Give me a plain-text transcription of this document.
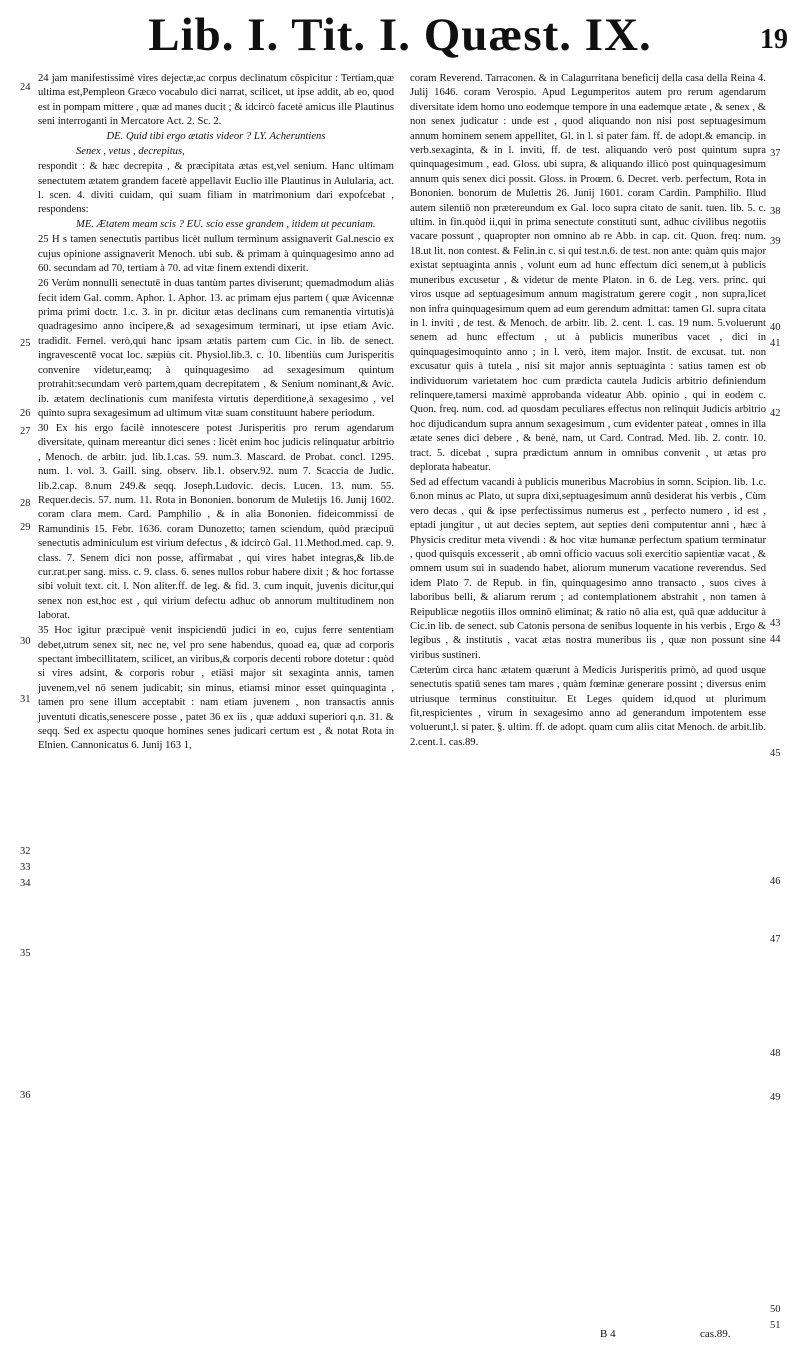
Lib. I. Tit. I. Quæst. IX.	19
24
25
26
27
28
29
30
31
32
33
34
35
36
37
38
39
40
41
42
43
44
45
46
47
48
49
50
51

24 jam manifestissimè vires dejectæ,ac corpus declinatum cōspicitur : Tertiam,quæ ultima est,Pempleon Græco vocabulo dici narrat, scilicet, ut ipse addit, ab eo, quod est in pompam mittere , quæ ad manes ducit ; & idcircò facetè amicus ille Plautinus seni interroganti in Mercatore Act. 2. Sc. 2.

DE. Quid tibi ergo ætatis videor ? LY. Acheruntiens

Senex , vetus , decrepitus,

respondit : & hæc decrepita , & præcipitata ætas est,vel senium. Hanc ultimam senectutem ætatem grandem facetè appellavit Euclio ille Plautinus in Aulularia, act. l. scen. 4. diviti cuidam, qui suam filiam in matrimonium dari expofcebat , respondens:

ME. Ætatem meam scis ? EU. scio esse grandem , itidem ut pecuniam.

25 H s tamen senectutis partibus licèt nullum terminum assignaverit Gal.nescio ex cujus opinione assignaverit Menoch. ubi sub. & primam à quinquagesimo anno ad 60. secundam ad 70, tertiam à 70. ad vitæ finem extendi dixerit.

26 Verùm nonnulli senectutē in duas tantùm partes diviserunt; quemadmodum aliàs fecit idem Gal. comm. Aphor. 1. Aphor. 13. ac primam ejus partem ( quæ Avicennæ prima primi doctr. 1.c. 3. in pr. dicitur ætas declinans cum remanentia virtutis)à quadragesimo anno incipere,& ad sexagesimum terminari, ut ipse etiam Avic. tradidit. Fernel. verò,qui hanc ipsam ætatis partem cum Cic. in lib. de senect. ingravescentē vocat loc. sæpiùs cit. Physiol.lib.3. c. 10. libentiùs cum Jurisperitis convenire videtur,eamq; à quinquagesimo ad sexagesimum quintum protrahit:secundam verò partem,quam decrepitatem , & Senium nominant,& Avic. ib. ætatem declinationis cum manifesta virtutis deperditione,à sexagesimo , vel quinto supra sexagesimum ad ultimum vitæ suam constituunt habere periodum.

30 Ex his ergo facilè innotescere potest Jurisperitis pro rerum agendarum diversitate, quinam mereantur dici senes : licèt enim hoc judicis relinquatur arbitrio , Menoch. de arbitr. jud. lib.1.cas. 59. num.3. Mascard. de Probat. concl. 1295. num. 1. vol. 3. Gaill. sing. observ. lib.1. observ.92. num 7. Scaccia de Judic. lib.2.cap. 8.num 249.& seqq. Joseph.Ludovic. decis. Lucen. 13. num. 55. Requer.decis. 57. num. 11. Rota in Bononien. bonorum de Muletijs 16. Junij 1602. coram clara mem. Card. Pamphilio , & in alia Bononien. fideicommissi de Ramundinis 15. Febr. 1636. coram Dunozetto; tamen sciendum, quòd præcipuū senectutis adminiculum est virium defectus , & idcircò Gal. 11.Method.med. cap. 9. class. 7. Senem dici non posse, affirmabat , qui vires habet integras,& lib.de cur.rat.per sang. miss. c. 9. class. 6. senes nullos robur habere dixit ; & hoc fortasse sibi voluit text. cit. l. Non aliter.ff. de leg. & fid. 3. cum inquit, juvenis dicitur,qui senex non est,hoc est , qui virium defectu adhuc ob annorum multitudinem non laborat.

35 Hoc igitur præcipuè venit inspiciendū judici in eo, cujus ferre sententiam debet,utrum senex sit, nec ne, vel pro sene habendus, quoad ea, quæ ad corporis spectant imbecillitatem, scilicet, an viribus,& corporis decenti robore dotetur : quòd si vires adsint, & corporis robur , etiāsi major sit sexaginta annis, tamen juvenem,vel nō senem judicabit; sin minus, etiamsi minor esset quinquaginta , tamen pro sene illum acceptabit : nam etiam juvenem , non transactis annis juventuti dicatis,senescere posse , patet 36 ex iis , quæ adduxi superiori q.n. 31. & seqq. Sed ex aspectu quoque homines senes judicari certum est , & notat Rota in Elnien. Cannonicatus 6. Junij 163 1,

coram Reverend. Tarraconen. & in Calagurritana beneficij della casa della Reina 4. Julij 1646. coram Verospio. Apud Legumperitos autem pro rerum agendarum diversitate idem homo uno eodemque tempore in una eademque ætate , & senex , & non senex judicatur : unde est , quod aliquando non nisi post septuagesimum annum hominem senem appellitet, Gl. in l. si pater fam. ff. de adopt.& emancip. in verb.sexaginta, & in l. inviti, ff. de test. aliquando verò post quintum supra quinquagesimum , ead. Gloss. ubi supra, & aliquando illicò post quinquagesimum annum quis senex dici possit. Gloss. in Proœm. 6. Decret. verb. perfectum, Rota in Bononien. bonorum de Mulettis 26. Junij 1601. coram Cardin. Pamphilio. Illud autem silentiō non prætereundum ex Gal. loco supra citato de sanit. tuen. lib. 5. c. ultim. in fin.quòd ii,qui in prima senectute constituti sunt, adhuc civilibus negotiis vacare possunt , quapropter non omnino ab re Abb. in cap. cit. Quon. freq: num. 18.ut lit. non contest. & Felin.in c. si qui test.n.6. de test. non ante: quàm quis major existat septuaginta annis , volunt eum ad hunc effectum dici senem,ut à publicis muneribus excusetur , & videtur de mente Platon. in 6. de Leg. vers. princ. qui viros usque ad septuagesimum annum magistratum gerere cogit , non supra,licet non infra quinquagesimum quem ad eum gerendum admittat: tamen Gl. supra citata in l. inviti , de test. & Menoch. de arbitr. lib. 2. cent. 1. cas. 19 num. 5.voluerunt senem ad hunc effectum , ut à publicis muneribus vacet , dici in quinquagesimoquinto anno ; in l. verò, item major. Instit. de excusat. tut. non excusatur quis à tutela , nisi sit major annis septuaginta : satius tamen est ob individuorum varietatem hoc cum prædicta cautela Judicis arbitrio definiendum relinquere,tamersi maximè approbanda videatur Abb. opinio , qui in eodem c. Quon. freq. num. cod. ad quosdam peculiares effectus non relinquit Judicis arbitrio hoc dijudicandum supra annum sexagesimum , cum evidenter pateat , omnes in illa ætate senes dici debere , & benè, nam, ut Card. Contrad. Med. lib. 2. contr. 10. tract. 5. dicebat , supra prædictum annum in omnibus convenit , ut ætas pro deplorata habeatur.

Sed ad effectum vacandi à publicis muneribus Macrobius in somn. Scipion. lib. 1.c. 6.non minus ac Plato, ut supra dixi,septuagesimum annū desiderat his verbis , Cùm vero decas , qui & ipse perfectissimus numerus est , perfecto numero , id est , eptadi jungitur , ut aut decies septem, aut septies deni computentur anni , hæc à Physicis creditur meta vivendi : & hoc vitæ humanæ perfectum spatium terminatur , quod quisquis excesserit , ab omni officio vacuus soli exercitio sapientiæ vacat , & omnem usum sui in suadendo habet, aliorum munerum vacatione reverendus. Sed idem Plato 7. de Repub. in fin, quinquagesimo anno transacto , suos cives à laboribus belli, & aliarum rerum ; ad contemplationem abstrahit , non tamen à Reipublicæ negotiis illos omninō eliminat; & ratio nō alia est, quā quæ adducitur à Cic.in lib. de senect. sub Catonis persona de senibus loquente in his verbis , Ergo & legibus , & institutis , vacat ætas nostra muneribus iis , quæ non possunt sine viribus sustineri.

Cæterùm circa hanc ætatem quærunt à Medicis Jurisperitis primò, ad quod usque senectutis spatiū senes tam mares , quàm fœminæ generare possint ; diversus enim utriusque terminus constituitur. Et Leges quidem id,quod ut plurimum fit,respicientes , virum in sexagesimo anno ad generandum impotentem esse voluerunt,l. si pater. §. ultim. ff. de adopt. quam cum aliis citat Menoch. de arbit.lib. 2.cent.1. cas.89.

B 4	cas.89.
